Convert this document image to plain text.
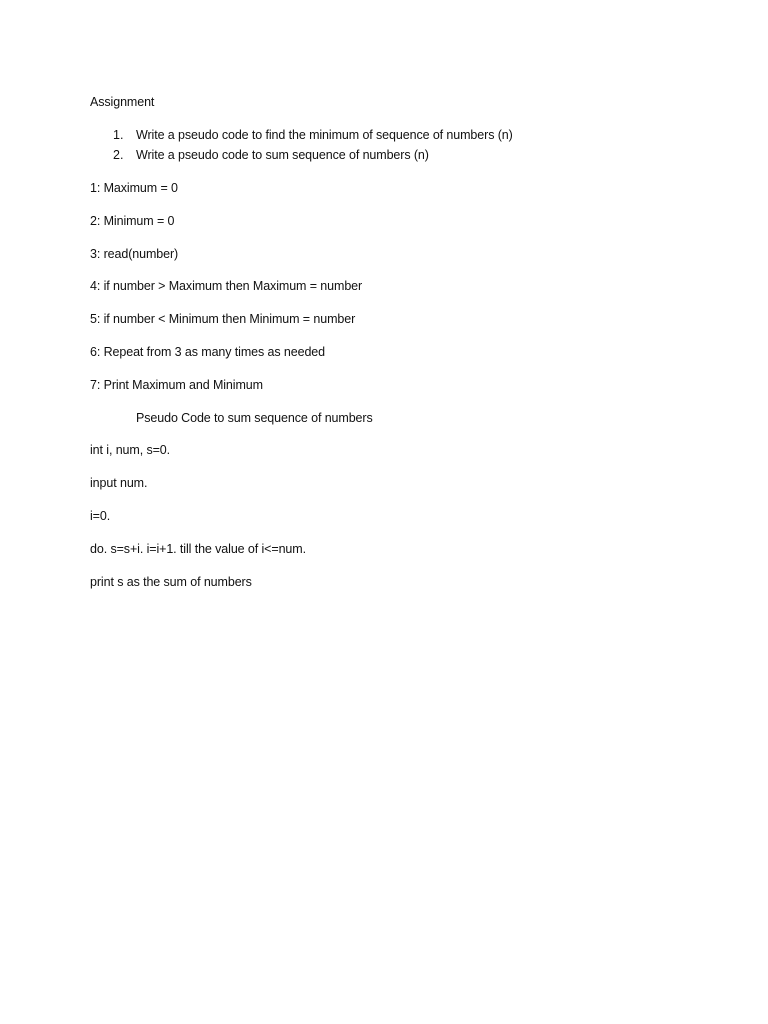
Assignment
1. Write a pseudo code to find the minimum of sequence of numbers (n)
2. Write a pseudo code to sum sequence of numbers (n)
1: Maximum = 0
2: Minimum = 0
3: read(number)
4: if number > Maximum then Maximum = number
5: if number < Minimum then Minimum = number
6: Repeat from 3 as many times as needed
7: Print Maximum and Minimum
Pseudo Code to sum sequence of numbers
int i, num, s=0.
input num.
i=0.
do. s=s+i. i=i+1. till the value of i<=num.
print s as the sum of numbers
